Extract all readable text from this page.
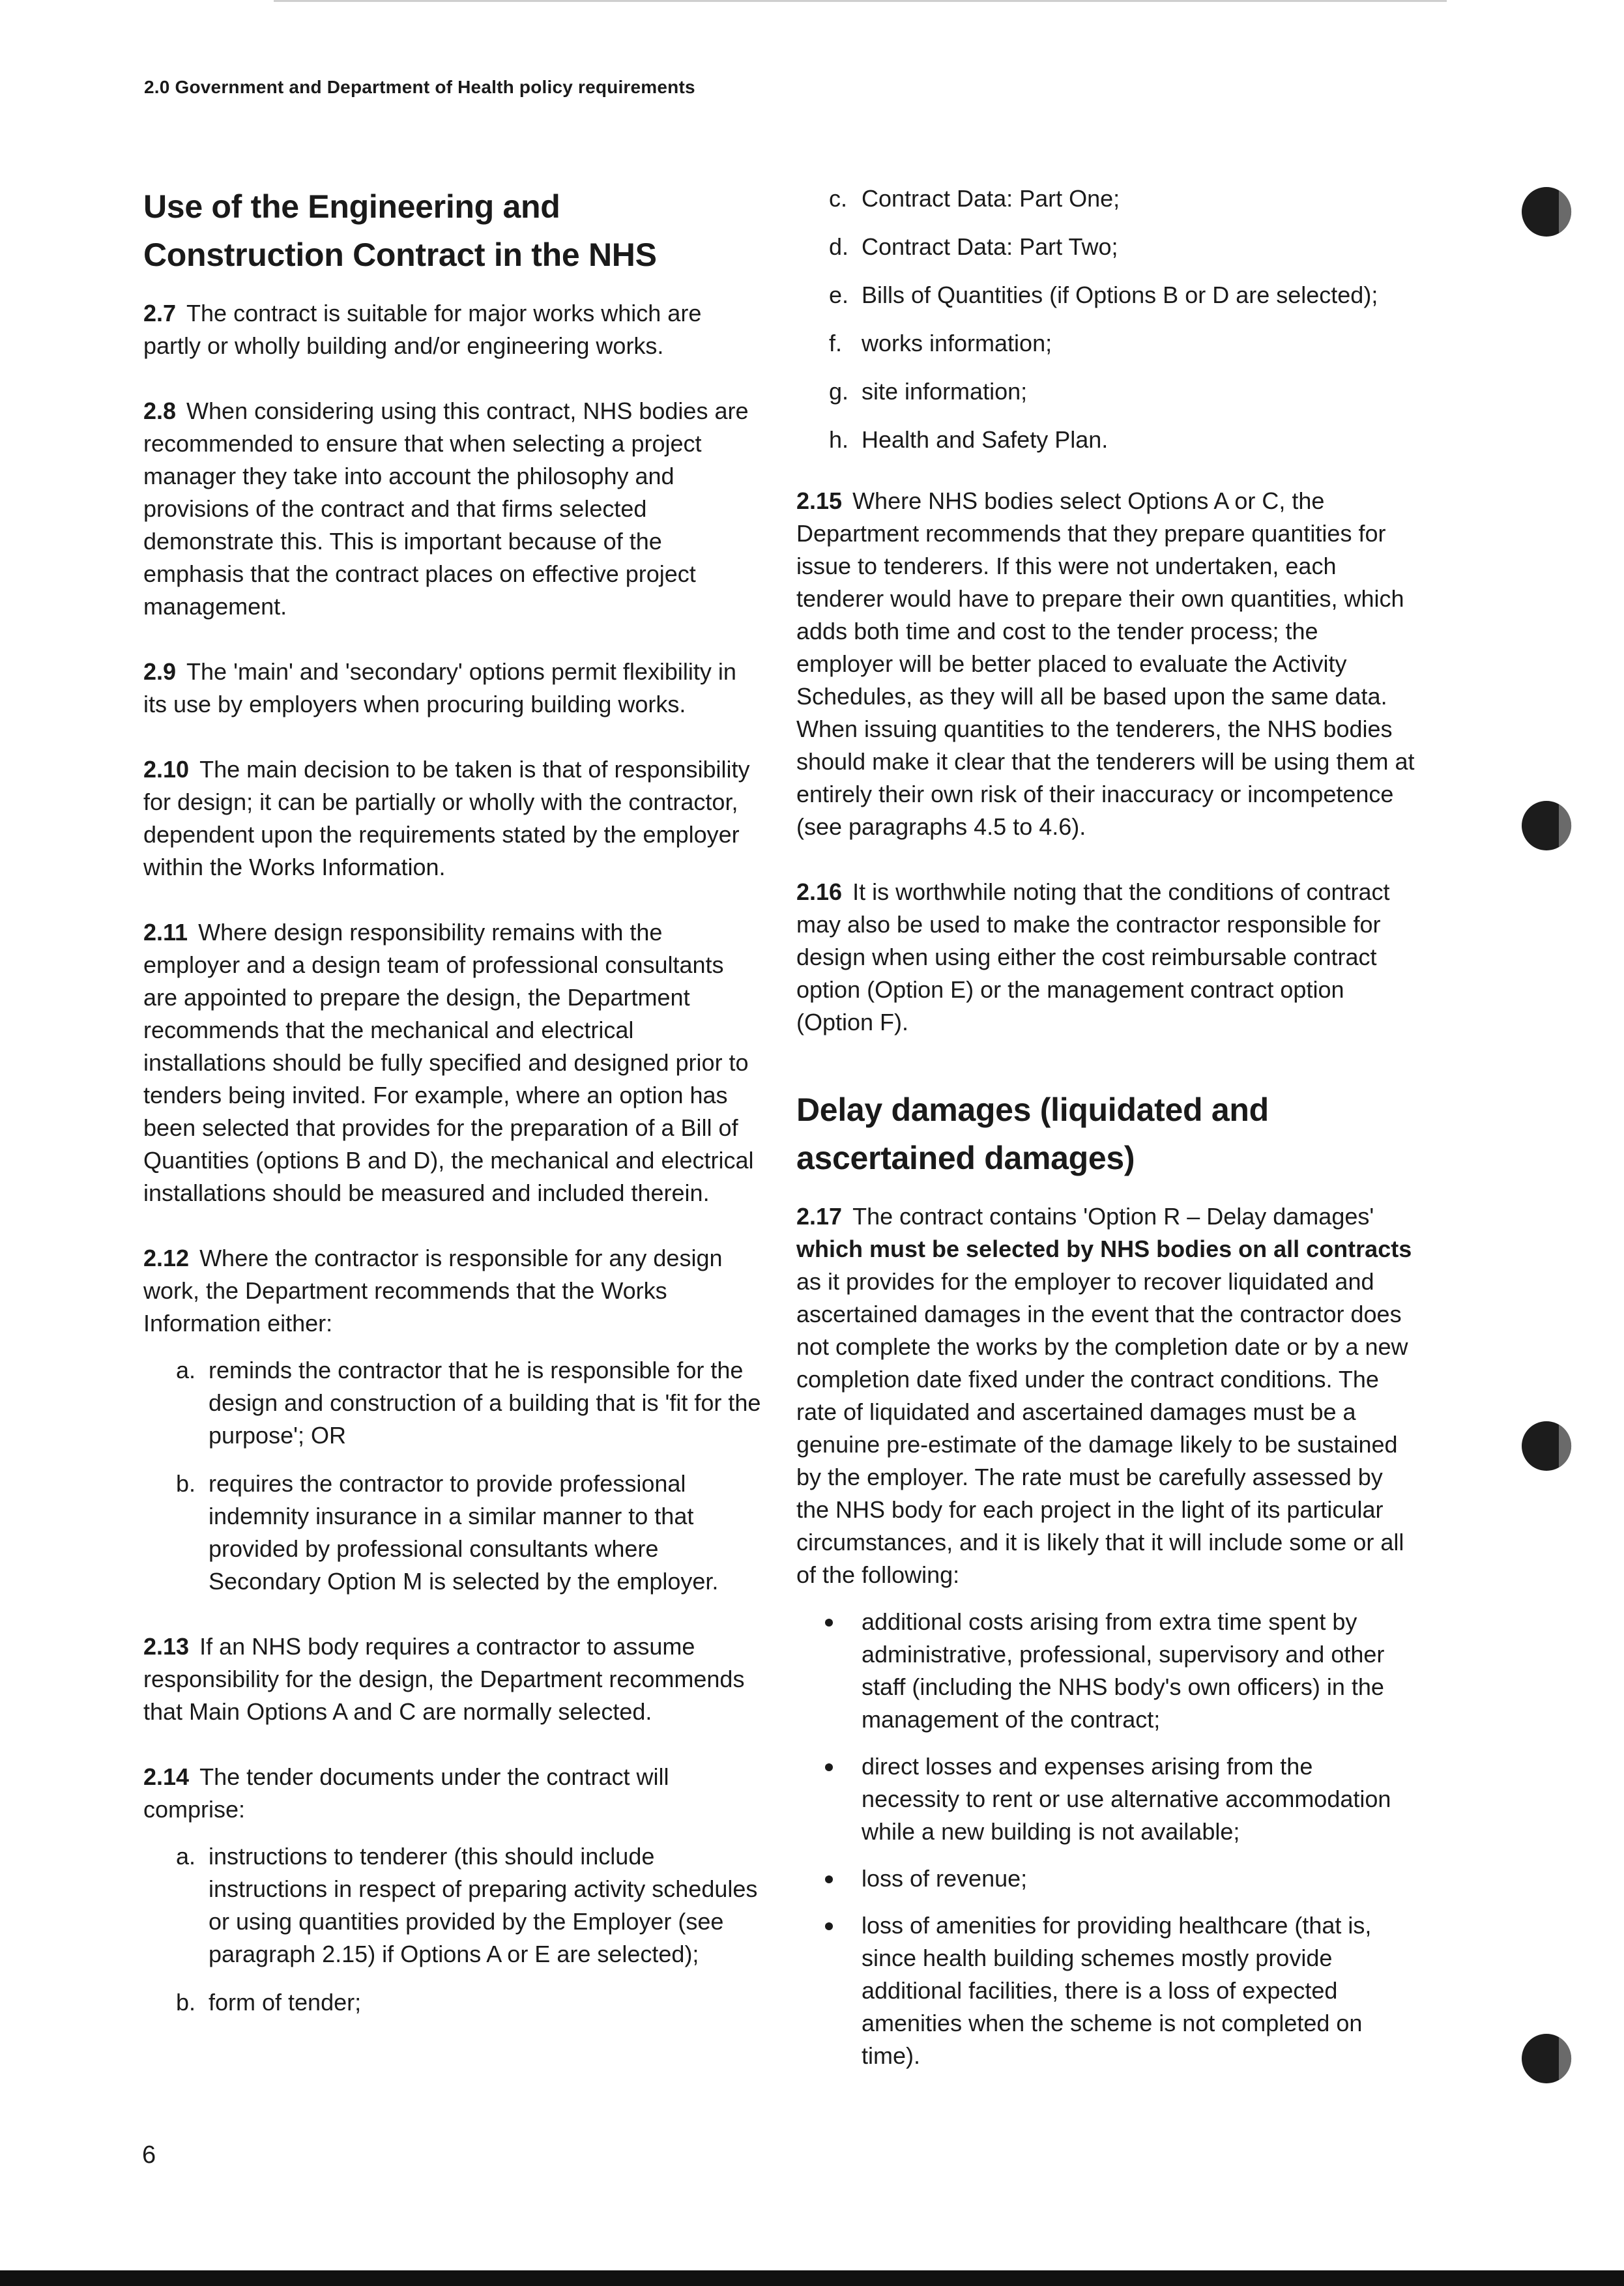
2.0 Government and Department of Health policy requirements
Use of the Engineering and
Construction Contract in the NHS

2.7 The contract is suitable for major works which are partly or wholly building and/or engineering works.

2.8 When considering using this contract, NHS bodies are recommended to ensure that when selecting a project manager they take into account the philosophy and provisions of the contract and that firms selected demonstrate this. This is important because of the emphasis that the contract places on effective project management.

2.9 The 'main' and 'secondary' options permit flexibility in its use by employers when procuring building works.

2.10 The main decision to be taken is that of responsibility for design; it can be partially or wholly with the contractor, dependent upon the requirements stated by the employer within the Works Information.

2.11 Where design responsibility remains with the employer and a design team of professional consultants are appointed to prepare the design, the Department recommends that the mechanical and electrical installations should be fully specified and designed prior to tenders being invited. For example, where an option has been selected that provides for the preparation of a Bill of Quantities (options B and D), the mechanical and electrical installations should be measured and included therein.

2.12 Where the contractor is responsible for any design work, the Department recommends that the Works Information either:

a. reminds the contractor that he is responsible for the design and construction of a building that is 'fit for the purpose'; OR
b. requires the contractor to provide professional indemnity insurance in a similar manner to that provided by professional consultants where Secondary Option M is selected by the employer.

2.13 If an NHS body requires a contractor to assume responsibility for the design, the Department recommends that Main Options A and C are normally selected.

2.14 The tender documents under the contract will comprise:

a. instructions to tenderer (this should include instructions in respect of preparing activity schedules or using quantities provided by the Employer (see paragraph 2.15) if Options A or E are selected);
b. form of tender;
c. Contract Data: Part One;
d. Contract Data: Part Two;
e. Bills of Quantities (if Options B or D are selected);
f. works information;
g. site information;
h. Health and Safety Plan.

2.15 Where NHS bodies select Options A or C, the Department recommends that they prepare quantities for issue to tenderers. If this were not undertaken, each tenderer would have to prepare their own quantities, which adds both time and cost to the tender process; the employer will be better placed to evaluate the Activity Schedules, as they will all be based upon the same data. When issuing quantities to the tenderers, the NHS bodies should make it clear that the tenderers will be using them at entirely their own risk of their inaccuracy or incompetence (see paragraphs 4.5 to 4.6).

2.16 It is worthwhile noting that the conditions of contract may also be used to make the contractor responsible for design when using either the cost reimbursable contract option (Option E) or the management contract option (Option F).

Delay damages (liquidated and
ascertained damages)

2.17 The contract contains 'Option R – Delay damages' which must be selected by NHS bodies on all contracts as it provides for the employer to recover liquidated and ascertained damages in the event that the contractor does not complete the works by the completion date or by a new completion date fixed under the contract conditions. The rate of liquidated and ascertained damages must be a genuine pre-estimate of the damage likely to be sustained by the employer. The rate must be carefully assessed by the NHS body for each project in the light of its particular circumstances, and it is likely that it will include some or all of the following:

additional costs arising from extra time spent by administrative, professional, supervisory and other staff (including the NHS body's own officers) in the management of the contract;
direct losses and expenses arising from the necessity to rent or use alternative accommodation while a new building is not available;
loss of revenue;
loss of amenities for providing healthcare (that is, since health building schemes mostly provide additional facilities, there is a loss of expected amenities when the scheme is not completed on time).
6
